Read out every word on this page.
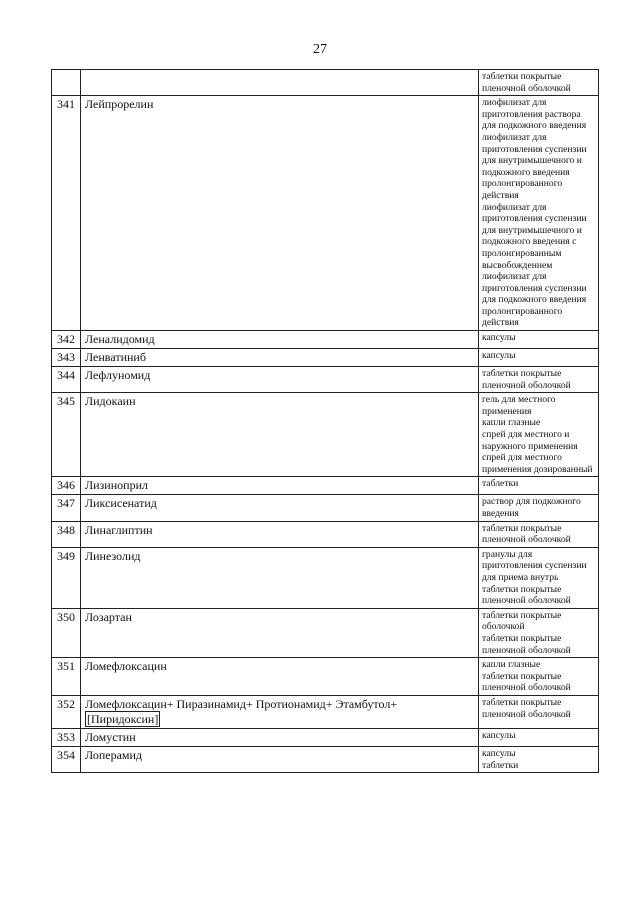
27

		таблетки покрытые пленочной оболочкой

341	Лейпрорелин	лиофилизат для приготовления раствора для подкожного введения
лиофилизат для приготовления суспензии для внутримышечного и подкожного введения пролонгированного действия
лиофилизат для приготовления суспензии для внутримышечного и подкожного введения с пролонгированным высвобожденнем
лиофилизат для приготовления суспензии для подкожного введения пролонгированного действия

342	Леналидомид	капсулы

343	Ленватиниб	капсулы

344	Лефлуномид	таблетки покрытые пленочной оболочкой

345	Лидокаин	гель для местного применения
капли глазные
спрей для местного и наружного применения
спрей для местного применения дозированный

346	Лизиноприл	таблетки

347	Ликсисенатид	раствор для подкожного введения

348	Линаглиптин	таблетки покрытые пленочной оболочкой

349	Линезолид	гранулы для приготовления суспензии для приема внутрь
таблетки покрытые пленочной оболочкой

350	Лозартан	таблетки покрытые оболочкой
таблетки покрытые пленочной оболочкой

351	Ломефлоксацин	капли глазные
таблетки покрытые пленочной оболочкой

352	Ломефлоксацин+ Пиразинамид+ Протионамид+ Этамбутол+
[Пиридоксин]	таблетки покрытые пленочной оболочкой

353	Ломустин	капсулы

354	Лоперамид	капсулы
таблетки
